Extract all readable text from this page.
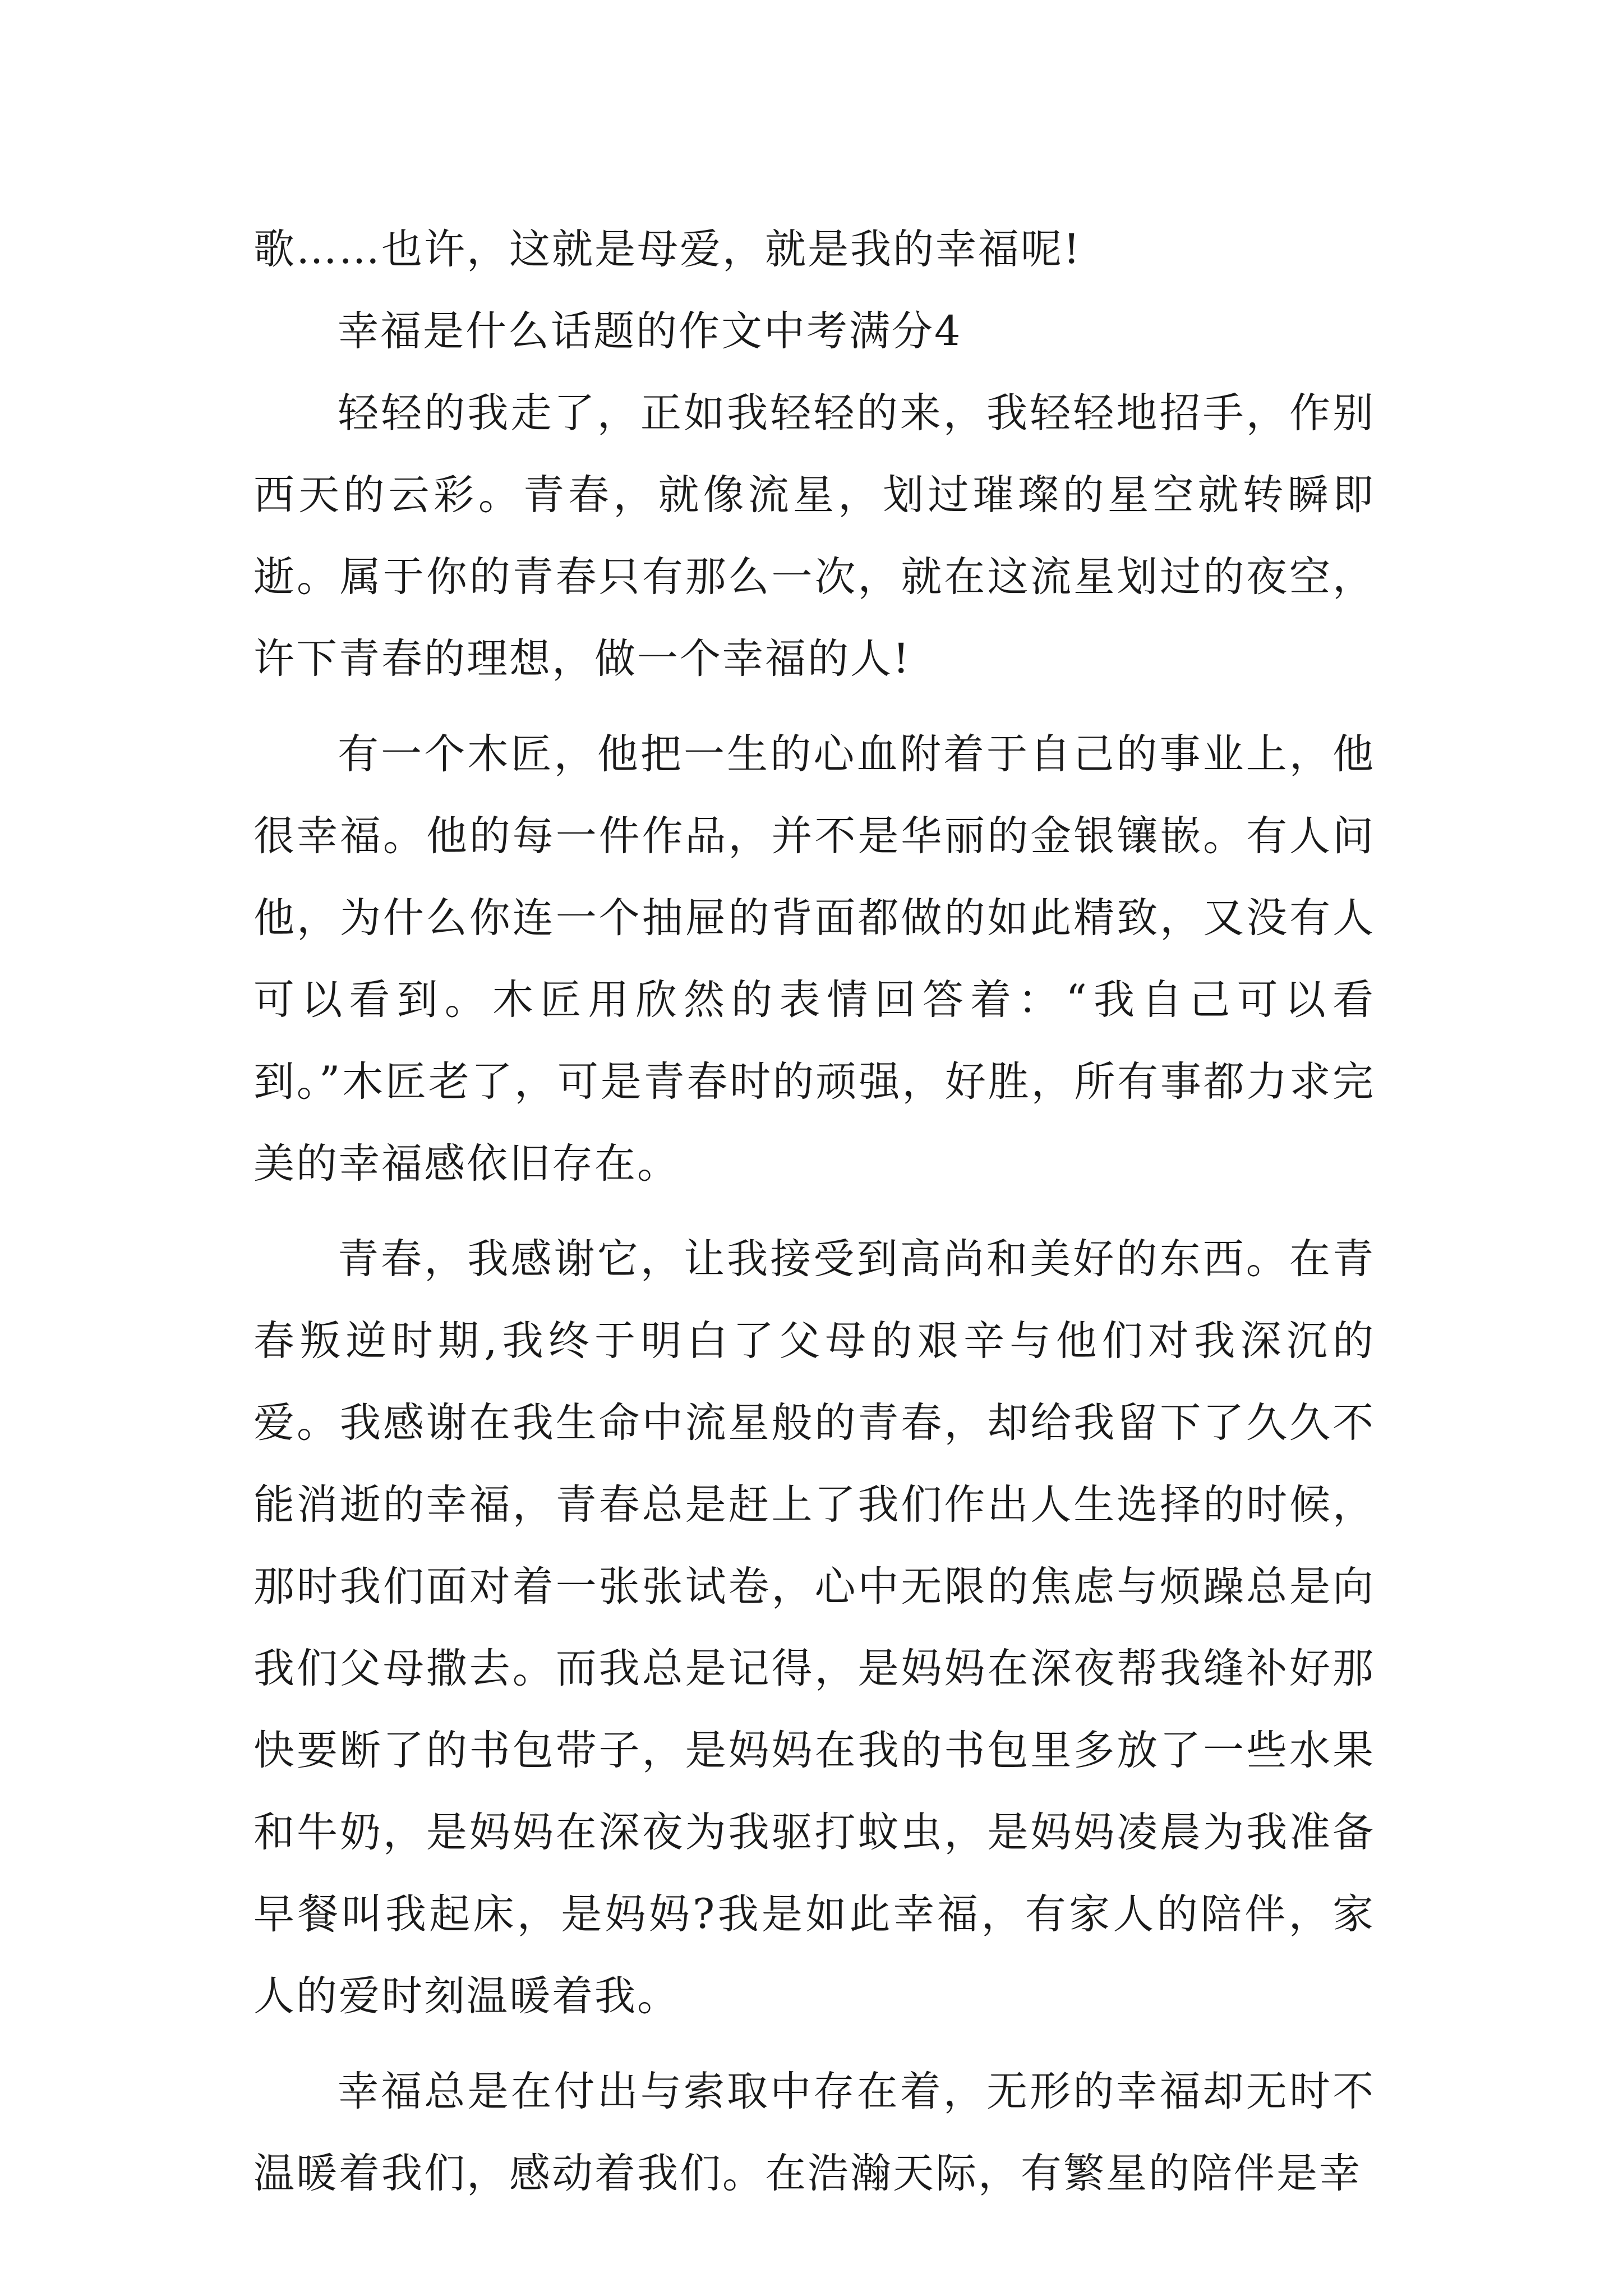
歌……也许，这就是母爱，就是我的幸福呢!

幸福是什么话题的作文中考满分4

轻轻的我走了，正如我轻轻的来，我轻轻地招手，作别西天的云彩。青春，就像流星，划过璀璨的星空就转瞬即逝。属于你的青春只有那么一次，就在这流星划过的夜空，许下青春的理想，做一个幸福的人!

有一个木匠，他把一生的心血附着于自己的事业上，他很幸福。他的每一件作品，并不是华丽的金银镶嵌。有人问他，为什么你连一个抽屉的背面都做的如此精致，又没有人可以看到。木匠用欣然的表情回答着：“我自己可以看到。”木匠老了，可是青春时的顽强，好胜，所有事都力求完美的幸福感依旧存在。

青春，我感谢它，让我接受到高尚和美好的东西。在青春叛逆时期,我终于明白了父母的艰辛与他们对我深沉的爱。我感谢在我生命中流星般的青春，却给我留下了久久不能消逝的幸福，青春总是赶上了我们作出人生选择的时候，那时我们面对着一张张试卷，心中无限的焦虑与烦躁总是向我们父母撒去。而我总是记得，是妈妈在深夜帮我缝补好那快要断了的书包带子，是妈妈在我的书包里多放了一些水果和牛奶，是妈妈在深夜为我驱打蚊虫，是妈妈凌晨为我准备早餐叫我起床，是妈妈?我是如此幸福，有家人的陪伴，家人的爱时刻温暖着我。

幸福总是在付出与索取中存在着，无形的幸福却无时不温暖着我们，感动着我们。在浩瀚天际，有繁星的陪伴是幸
